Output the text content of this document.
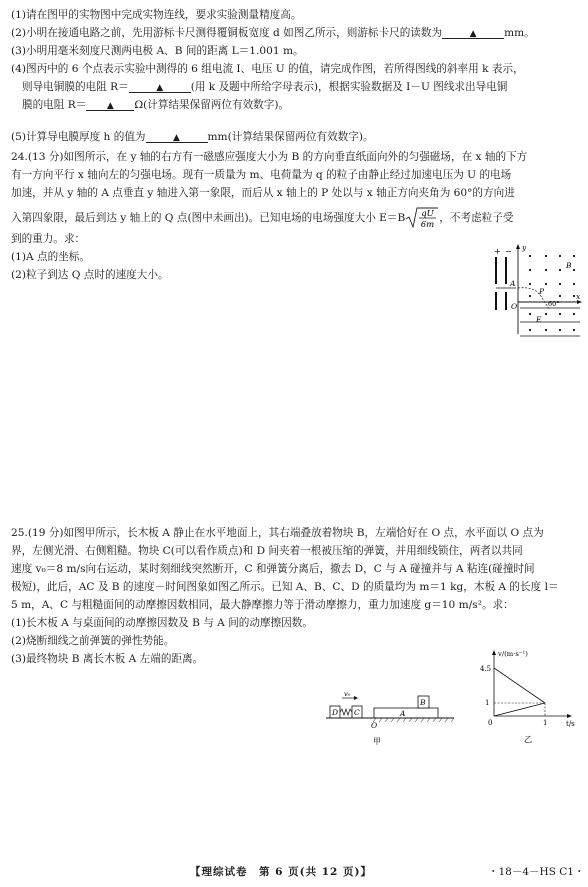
(1)请在图甲的实物图中完成实物连线，要求实验测量精度高。
(2)小明在接通电路之前，先用游标卡尺测得覆铜板宽度 d 如图乙所示，则游标卡尺的读数为	▲	mm。
(3)小明用毫米刻度尺测两电极 A、B 间的距离 L＝1.001 m。
(4)图丙中的 6 个点表示实验中测得的 6 组电流 I、电压 U 的值，请完成作图，若所得图线的斜率用 k 表示，
则导电铜膜的电阻 R＝	▲	(用 k 及题中所给字母表示)，根据实验数据及 I－U 图线求出导电铜
膜的电阻 R＝ ▲ Ω(计算结果保留两位有效数字)。
(5)计算导电膜厚度 h 的值为	▲	mm(计算结果保留两位有效数字)。
24.(13 分)如图所示，在 y 轴的右方有一磁感应强度大小为 B 的方向垂直纸面向外的匀强磁场，在 x 轴的下方
有一方向平行 x 轴向左的匀强电场。现有一质量为 m、电荷量为 q 的粒子由静止经过加速电压为 U 的电场
加速，并从 y 轴的 A 点垂直 y 轴进入第一象限，而后从 x 轴上的 P 处以与 x 轴正方向夹角为 60°的方向进
入第四象限，最后到达 y 轴上的 Q 点(图中未画出)。已知电场的电场强度大小 E＝B qU
6m
，不考虑粒子受
到的重力。求：
(1)A 点的坐标。
(2)粒子到达 Q 点时的速度大小。
+ − y
x
O
B
A
P
60°
E
25.(19 分)如图甲所示，长木板 A 静止在水平地面上，其右端叠放着物块 B，左端恰好在 O 点，水平面以 O 点为
界，左侧光滑、右侧粗糙。物块 C(可以看作质点)和 D 间夹着一根被压缩的弹簧，并用细线锁住，两者以共同
速度 v₀＝8 m/s向右运动，某时刻细线突然断开，C 和弹簧分离后，撤去 D，C 与 A 碰撞并与 A 粘连(碰撞时间
极短)，此后，AC 及 B 的速度－时间图象如图乙所示。已知 A、B、C、D 的质量均为 m＝1 kg，木板 A 的长度 l＝
5 m，A、C 与粗糙面间的动摩擦因数相同，最大静摩擦力等于滑动摩擦力，重力加速度 g＝10 m/s²。求：
(1)长木板 A 与桌面间的动摩擦因数及 B 与 A 间的动摩擦因数。
(2)烧断细线之前弹簧的弹性势能。
(3)最终物块 B 离长木板 A 左端的距离。
v₀
D C	A
B
O
甲
v/(m·s⁻¹)
t/s
4.5
1
0	1
乙
【理综试卷　第 6 页(共 12 页)】	・18－4－HS C1・
